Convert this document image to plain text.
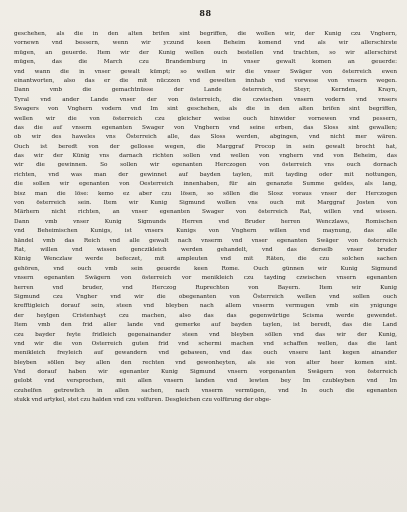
88
geschehen, als die in den alten brifen sint begriffen, die wollen wir, der Kunig czu Vnghern,
vornewn vnd bessern, wenn wir yczund keen Beheim komend vnd als wir allerschirste
mügen, an geuerde. Item wir der Kunig wellen ouch bestellen vnd trachten, so wir allerschirst
mügen, das die March czu Brandemburg in vnser gewalt komen an geuerde:
vnd wann die in vnser gewalt kümpt; so wellen wir die vnser Swäger von österreich ewen
einantworten, also das er die mit nüczzen vnd gewelten innhab vnd vorwese von vnsern wegen.
Dann vmb die gemachtnüsse der Lande österreich, Steyr, Kernden, Krayn,
Tyral vnd ander Lande vnser der von österreich, die czwischen vnsern vodern vnd vnsers
Swagers von Vnghern vodern vnd Im sint geschehen, als die in den alten brifen sint begriffen,
wellen wir die von österreich czu gleicher weise ouch hinwider vornewen vnd pessern,
das die auf vnsern egenanten Swager von Vnghern vnd seine erben, das Sloss sint gewallen;
ob wir des haweles vns Österreich alle, das Sloss werden, abgingen, vnd nicht mer wären.
Ouch ist beredt von der gellosse wegen, die Marggraf Procop in sein gewalt brocht hat,
das wir der Künig vns darnach richten sollen vnd wellen von vnghern vnd von Beheim, das
wir die gewinnen. So sollen wir egenanten Herczogen von österreich vns ouch dornach
richten, vnd was man der gewinnet auf bayden taylen, mit tayding oder mit nottungen,
die sollen wir egenanten von Oesterreich innenhaben, für ain genanzte Summe geldes, als lang,
bisz man die löse: kemo ez aber czu lösen, so söllen die Slosz voraus vnser der Herczogen
von österreich sein. Item wir Kunig Sigmund wollen vns ouch mit Marggraf Josten von
Märhern nicht richten, an vnser egenanten Swager von österreich Rat, willen vnd wissen.
Dann vmb vnser Kunig Sigmunds Herren vnd Bruder herren Wenczlaws, Romischen
vnd Beheimischen Kunigs, ist vnsers Kunigs von Vnghern willen vnd maynung, das alle
händel vmb das Reich vnd alle gewalt nach vnserm vnd vnser egenanten Swäger von österreich
Rat, willen vnd wissen genczikleich werden gehandelt, vnd das derselb vnser bruder
Künig Wenczlaw werde befeczet, mit ampleuten vnd mit Räten, die czu solchen sachen
gehören, vnd ouch vmb sein geuerde keen Rome. Ouch günnen wir Kunig Sigmund
vnsern egenanten Swägern von österreich vor menikleich czu tayding czwischen vnsern egenanten
herren vnd bruder, vnd Herczog Ruprechten von Bayern. Item wir Kunig
Sigmund czu Vngher vnd wir die obegenanten von Österreich wellen vnd sollen ouch
krefftigleich dorauf sein, steen vnd bleyben nach allem vnserm vermugen vmb ein ynigunge
der heylgen Cristenhayt czu machen, also das das gegenwürtige Scisma werde gewendet.
Item vmb den frid aller lande vnd gemerke auf bayden taylen, ist beredt, das die Land
czu bayder feyte fridleich gegenainander steen vnd bleyben söllen vnd das wir der Kunig,
vnd wir die von Osterreich guten frid vnd schermi machen vnd schaffen wellen, das die lant
menikleich freyleich auf gewandern vnd gebawen, vnd das ouch vnsere lant kegen ainander
bleyben söllen bey allen den rechten vnd gewonheyten, als sie von alter heer komen sint.
Vnd dorauf haben wir egenanter Kunig Sigmund vnsern vorgenanten Swägern von österreich
gelobt vnd versprochen, mit allen vnsern landen vnd lewten bey Im czubleyben vnd Im
czuhelfen getrewlich in allen sachen, nach vnserm vermügen, vnd In ouch die egenanten
stukk vnd artykel, stet czu halden vnd czu volfuren. Desgleichen czu volfürung der obge-
